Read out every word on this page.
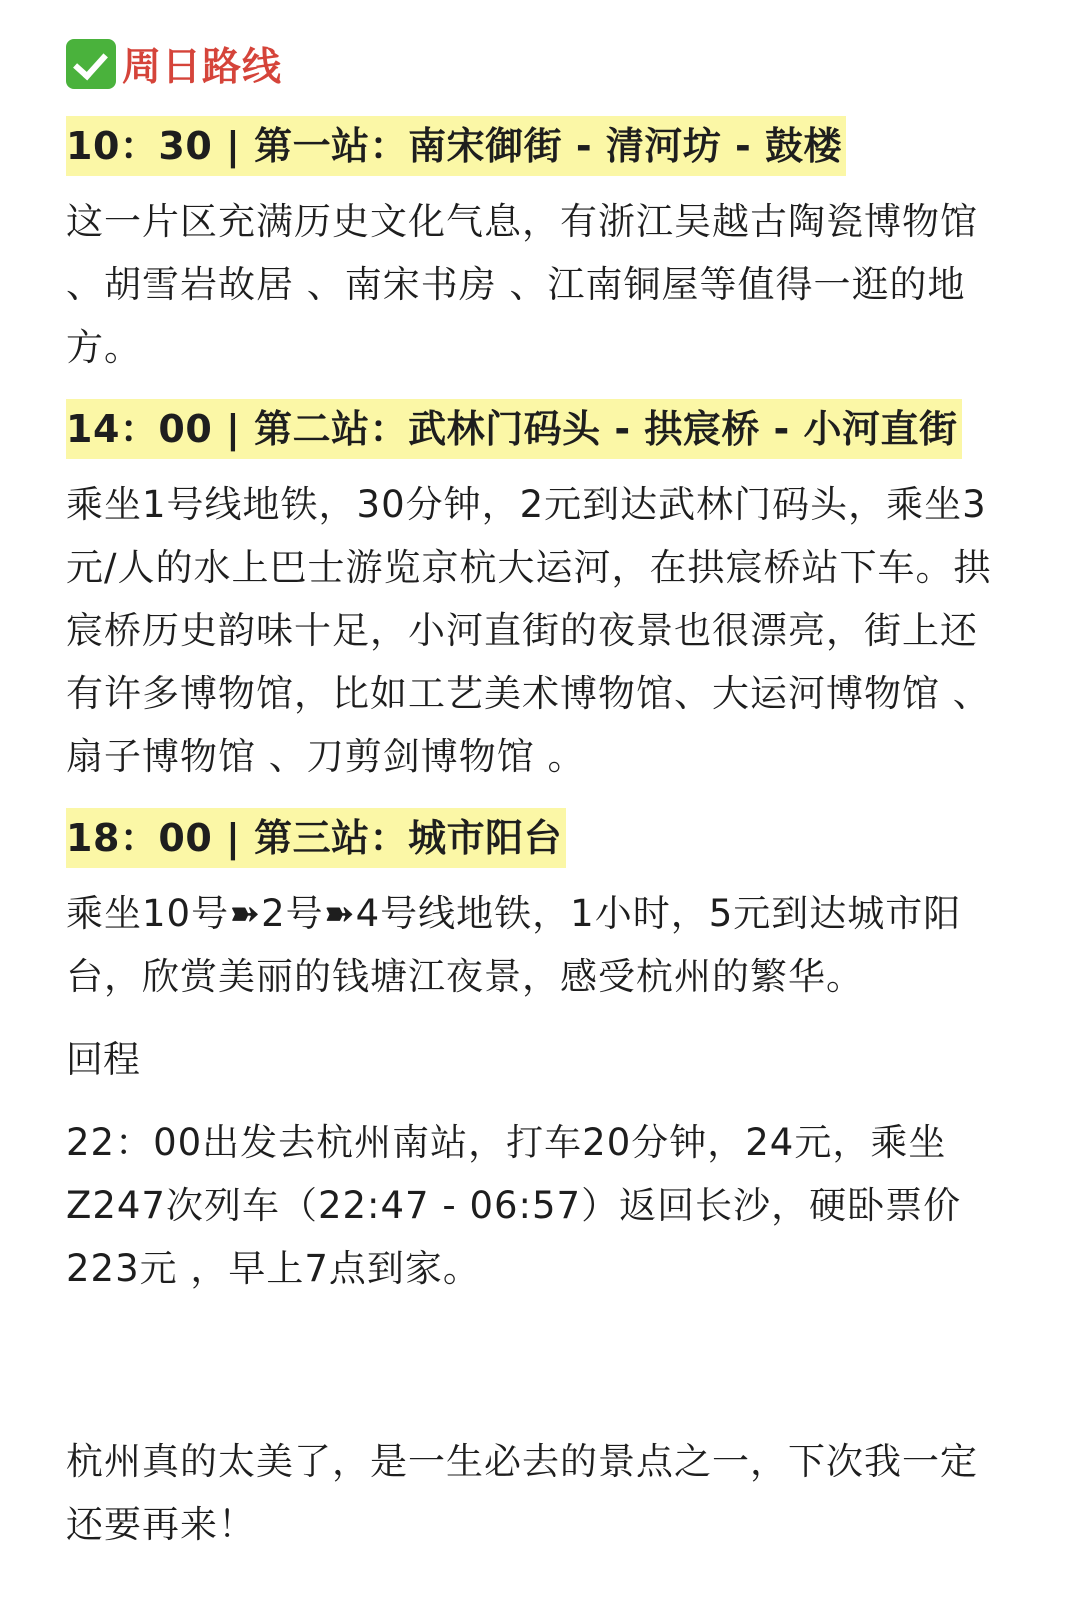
周日路线
10：30 | 第一站：南宋御街 - 清河坊 - 鼓楼

这一片区充满历史文化气息，有浙江吴越古陶瓷博物馆 、胡雪岩故居 、南宋书房 、江南铜屋等值得一逛的地方。

14：00 | 第二站：武林门码头 - 拱宸桥 - 小河直街

乘坐1号线地铁，30分钟，2元到达武林门码头，乘坐3元/人的水上巴士游览京杭大运河，在拱宸桥站下车。拱宸桥历史韵味十足，小河直街的夜景也很漂亮，街上还有许多博物馆，比如工艺美术博物馆、大运河博物馆 、扇子博物馆 、刀剪剑博物馆 。

18：00 | 第三站：城市阳台

乘坐10号➽2号➽4号线地铁，1小时，5元到达城市阳台，欣赏美丽的钱塘江夜景，感受杭州的繁华。

回程

22：00出发去杭州南站，打车20分钟，24元，乘坐Z247次列车（22:47 - 06:57）返回长沙，硬卧票价223元 ，早上7点到家。

杭州真的太美了，是一生必去的景点之一，下次我一定还要再来！
